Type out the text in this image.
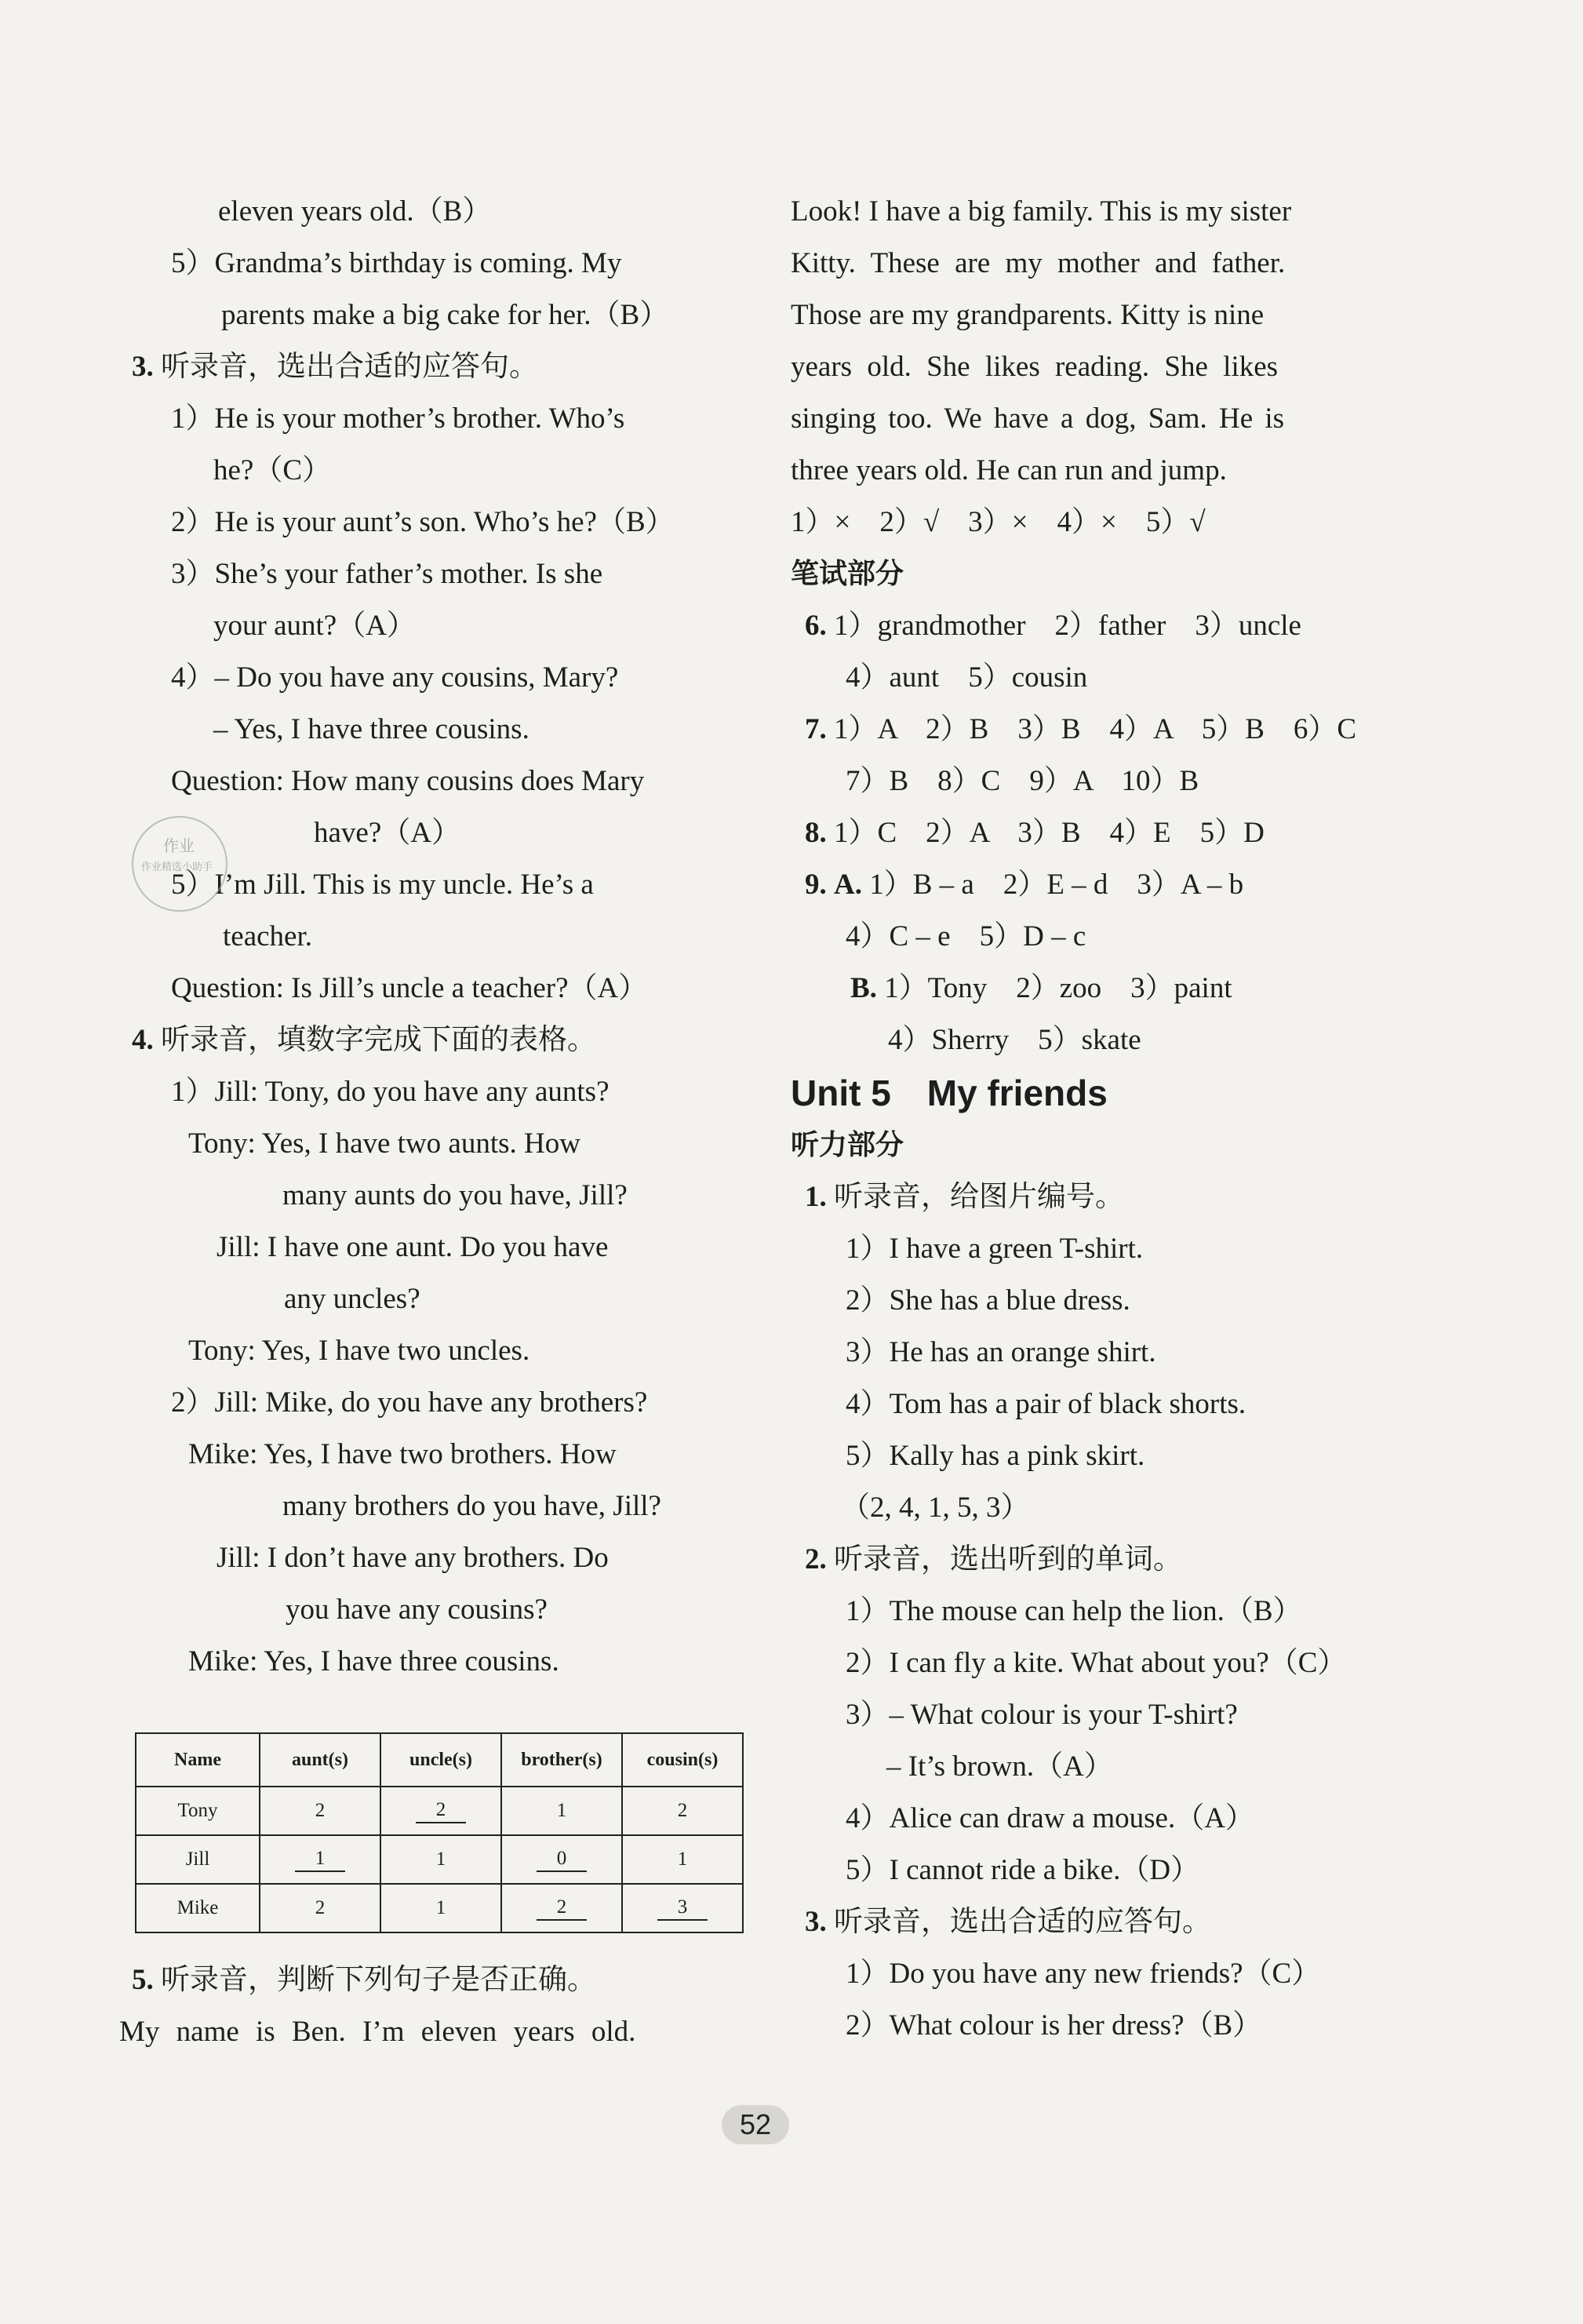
eleven years old.（B）
5）Grandma’s birthday is coming. My
parents make a big cake for her.（B）
3. 听录音，选出合适的应答句。
1）He is your mother’s brother. Who’s
he?（C）
2）He is your aunt’s son. Who’s he?（B）
3）She’s your father’s mother. Is she
your aunt?（A）
4）– Do you have any cousins, Mary?
– Yes, I have three cousins.
Question: How many cousins does Mary
have?（A）
5）I’m Jill. This is my uncle. He’s a
teacher.
Question: Is Jill’s uncle a teacher?（A）
4. 听录音，填数字完成下面的表格。
1）Jill: Tony, do you have any aunts?
Tony: Yes, I have two aunts. How
many aunts do you have, Jill?
Jill: I have one aunt. Do you have
any uncles?
Tony: Yes, I have two uncles.
2）Jill: Mike, do you have any brothers?
Mike: Yes, I have two brothers. How
many brothers do you have, Jill?
Jill: I don’t have any brothers. Do
you have any cousins?
Mike: Yes, I have three cousins.
Name	aunt(s)	uncle(s)	brother(s)	cousin(s)
Tony	2	2	1	2
Jill	1	1	0	1
Mike	2	1	2	3
5. 听录音，判断下列句子是否正确。
My name is Ben. I’m eleven years old.
作业
作业精选小助手
Look! I have a big family. This is my sister
Kitty. These are my mother and father.
Those are my grandparents. Kitty is nine
years old. She likes reading. She likes
singing too. We have a dog, Sam. He is
three years old. He can run and jump.
1）×　2）√　3）×　4）×　5）√
笔试部分
6. 1）grandmother　2）father　3）uncle
4）aunt　5）cousin
7. 1）A　2）B　3）B　4）A　5）B　6）C
7）B　8）C　9）A　10）B
8. 1）C　2）A　3）B　4）E　5）D
9. A. 1）B – a　2）E – d　3）A – b
4）C – e　5）D – c
B. 1）Tony　2）zoo　3）paint
4）Sherry　5）skate
Unit 5　My friends
听力部分
1. 听录音，给图片编号。
1）I have a green T-shirt.
2）She has a blue dress.
3）He has an orange shirt.
4）Tom has a pair of black shorts.
5）Kally has a pink skirt.
（2, 4, 1, 5, 3）
2. 听录音，选出听到的单词。
1）The mouse can help the lion.（B）
2）I can fly a kite. What about you?（C）
3）– What colour is your T-shirt?
– It’s brown.（A）
4）Alice can draw a mouse.（A）
5）I cannot ride a bike.（D）
3. 听录音，选出合适的应答句。
1）Do you have any new friends?（C）
2）What colour is her dress?（B）
52
